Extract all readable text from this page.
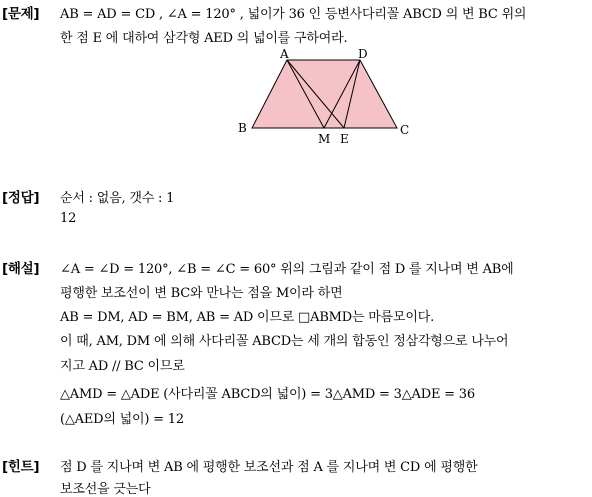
[문제] AB = AD = CD , ∠A = 120° , 넓이가 36 인 등변사다리꼴 ABCD 의 변 BC 위의
한 점 E 에 대하여 삼각형 AED 의 넓이를 구하여라.
A	D
B
M E
C
[정답] 순서 : 없음, 갯수 : 1
12
[해설] ∠A = ∠D = 120°, ∠B = ∠C = 60° 위의 그림과 같이 점 D 를 지나며 변 AB에
평행한 보조선이 변 BC와 만나는 점을 M이라 하면
AB = DM, AD = BM, AB = AD 이므로 □ABMD는 마름모이다.
이 때, AM, DM 에 의해 사다리꼴 ABCD는 세 개의 합동인 정삼각형으로 나누어
지고 AD // BC 이므로
△AMD = △ADE (사다리꼴 ABCD의 넓이) = 3△AMD = 3△ADE = 36
(△AED의 넓이) = 12
[힌트] 점 D 를 지나며 변 AB 에 평행한 보조선과 점 A 를 지나며 변 CD 에 평행한
보조선을 긋는다
